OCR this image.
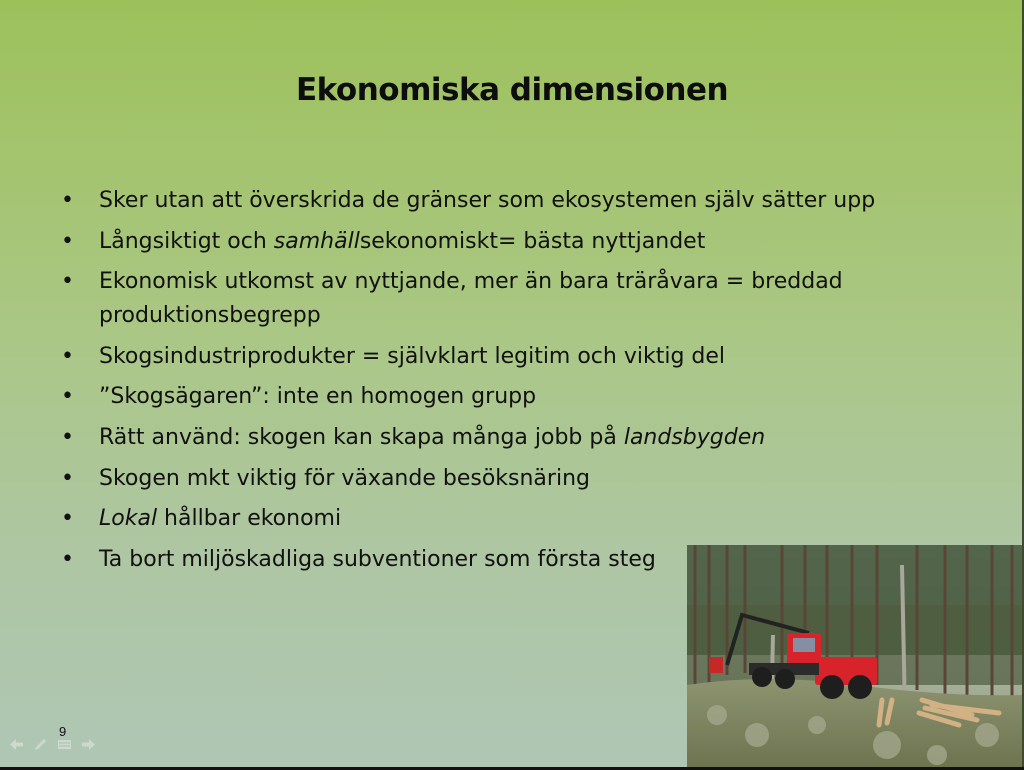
Ekonomiska dimensionen
• Sker utan att överskrida de gränser som ekosystemen själv sätter upp
• Långsiktigt och samhällsekonomiskt= bästa nyttjandet
• Ekonomisk utkomst av nyttjande, mer än bara träråvara = breddad produktionsbegrepp
• Skogsindustriprodukter = självklart legitim och viktig del
• ”Skogsägaren”: inte en homogen grupp
• Rätt använd: skogen kan skapa många jobb på landsbygden
• Skogen mkt viktig för växande besöksnäring
• Lokal hållbar ekonomi
• Ta bort miljöskadliga subventioner som första steg
9
